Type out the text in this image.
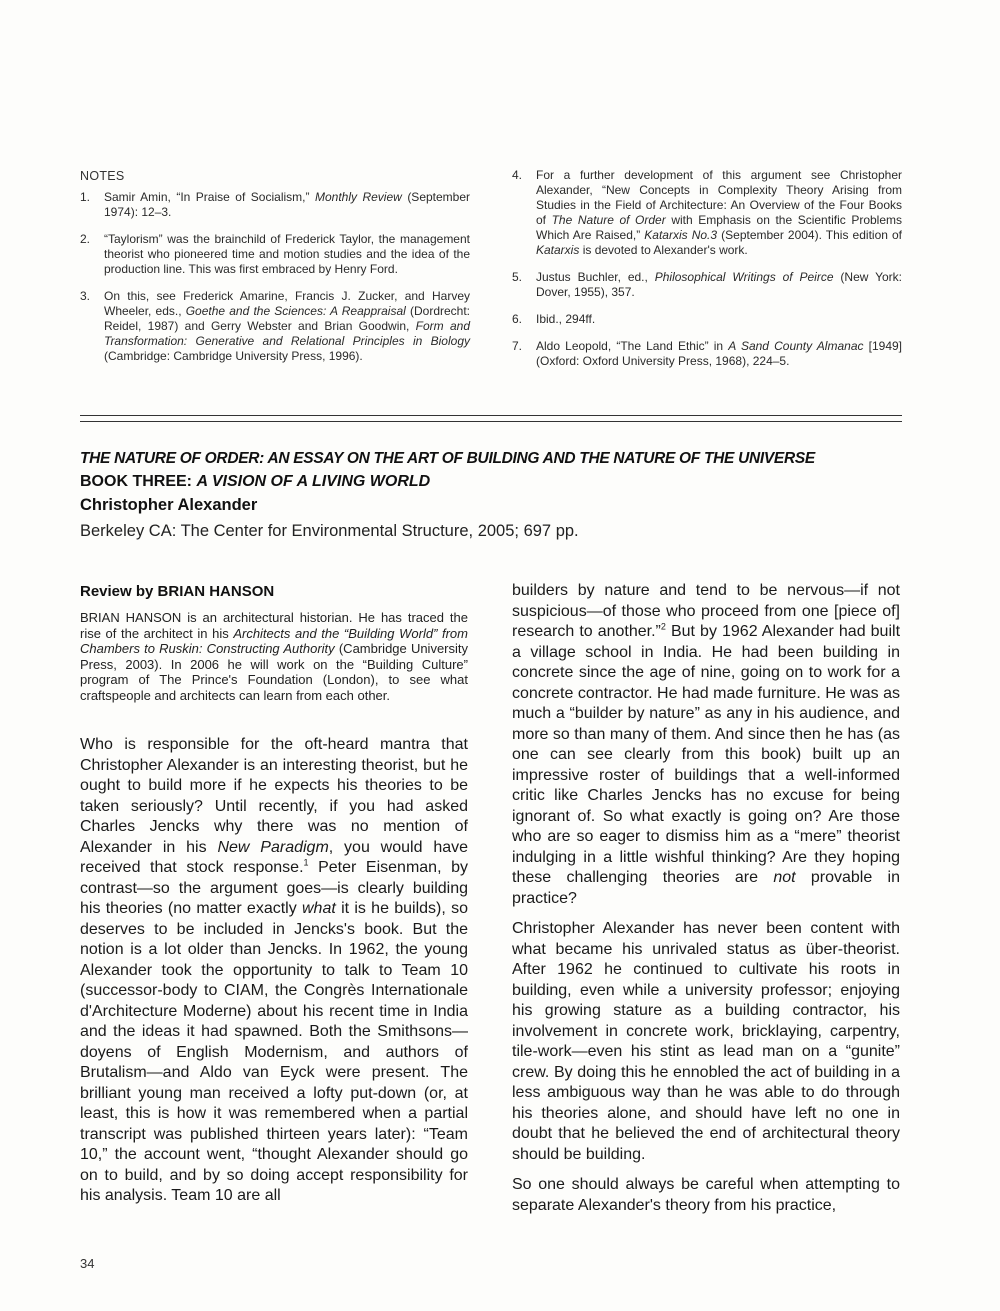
NOTES
1. Samir Amin, “In Praise of Socialism,” Monthly Review (September 1974): 12–3.
2. “Taylorism” was the brainchild of Frederick Taylor, the management theorist who pioneered time and motion studies and the idea of the production line. This was first embraced by Henry Ford.
3. On this, see Frederick Amarine, Francis J. Zucker, and Harvey Wheeler, eds., Goethe and the Sciences: A Reappraisal (Dordrecht: Reidel, 1987) and Gerry Webster and Brian Goodwin, Form and Transformation: Generative and Relational Principles in Biology (Cambridge: Cambridge University Press, 1996).
4. For a further development of this argument see Christopher Alexander, “New Concepts in Complexity Theory Arising from Studies in the Field of Architecture: An Overview of the Four Books of The Nature of Order with Emphasis on the Scientific Problems Which Are Raised,” Katarxis No.3 (September 2004). This edition of Katarxis is devoted to Alexander's work.
5. Justus Buchler, ed., Philosophical Writings of Peirce (New York: Dover, 1955), 357.
6. Ibid., 294ff.
7. Aldo Leopold, “The Land Ethic” in A Sand County Almanac [1949] (Oxford: Oxford University Press, 1968), 224–5.
THE NATURE OF ORDER: AN ESSAY ON THE ART OF BUILDING AND THE NATURE OF THE UNIVERSE
BOOK THREE: A VISION OF A LIVING WORLD
Christopher Alexander
Berkeley CA: The Center for Environmental Structure, 2005; 697 pp.
Review by BRIAN HANSON

BRIAN HANSON is an architectural historian. He has traced the rise of the architect in his Architects and the “Building World” from Chambers to Ruskin: Constructing Authority (Cambridge University Press, 2003). In 2006 he will work on the “Building Culture” program of The Prince's Foundation (London), to see what craftspeople and architects can learn from each other.

Who is responsible for the oft-heard mantra that Christopher Alexander is an interesting theorist, but he ought to build more if he expects his theories to be taken seriously? Until recently, if you had asked Charles Jencks why there was no mention of Alexander in his New Paradigm, you would have received that stock response.$^1$ Peter Eisenman, by contrast—so the argument goes—is clearly building his theories (no matter exactly what it is he builds), so deserves to be included in Jencks's book. But the notion is a lot older than Jencks. In 1962, the young Alexander took the opportunity to talk to Team 10 (successor-body to CIAM, the Congrès Internationale d'Architecture Moderne) about his recent time in India and the ideas it had spawned. Both the Smithsons—doyens of English Modernism, and authors of Brutalism—and Aldo van Eyck were present. The brilliant young man received a lofty put-down (or, at least, this is how it was remembered when a partial transcript was published thirteen years later): “Team 10,” the account went, “thought Alexander should go on to build, and by so doing accept responsibility for his analysis. Team 10 are all

builders by nature and tend to be nervous—if not suspicious—of those who proceed from one [piece of] research to another.”$^2$ But by 1962 Alexander had built a village school in India. He had been building in concrete since the age of nine, going on to work for a concrete contractor. He had made furniture. He was as much a “builder by nature” as any in his audience, and more so than many of them. And since then he has (as one can see clearly from this book) built up an impressive roster of buildings that a well-informed critic like Charles Jencks has no excuse for being ignorant of. So what exactly is going on? Are those who are so eager to dismiss him as a “mere” theorist indulging in a little wishful thinking? Are they hoping these challenging theories are not provable in practice?

Christopher Alexander has never been content with what became his unrivaled status as über-theorist. After 1962 he continued to cultivate his roots in building, even while a university professor; enjoying his growing stature as a building contractor, his involvement in concrete work, bricklaying, carpentry, tile-work—even his stint as lead man on a “gunite” crew. By doing this he ennobled the act of building in a less ambiguous way than he was able to do through his theories alone, and should have left no one in doubt that he believed the end of architectural theory should be building.

So one should always be careful when attempting to separate Alexander's theory from his practice,

34
